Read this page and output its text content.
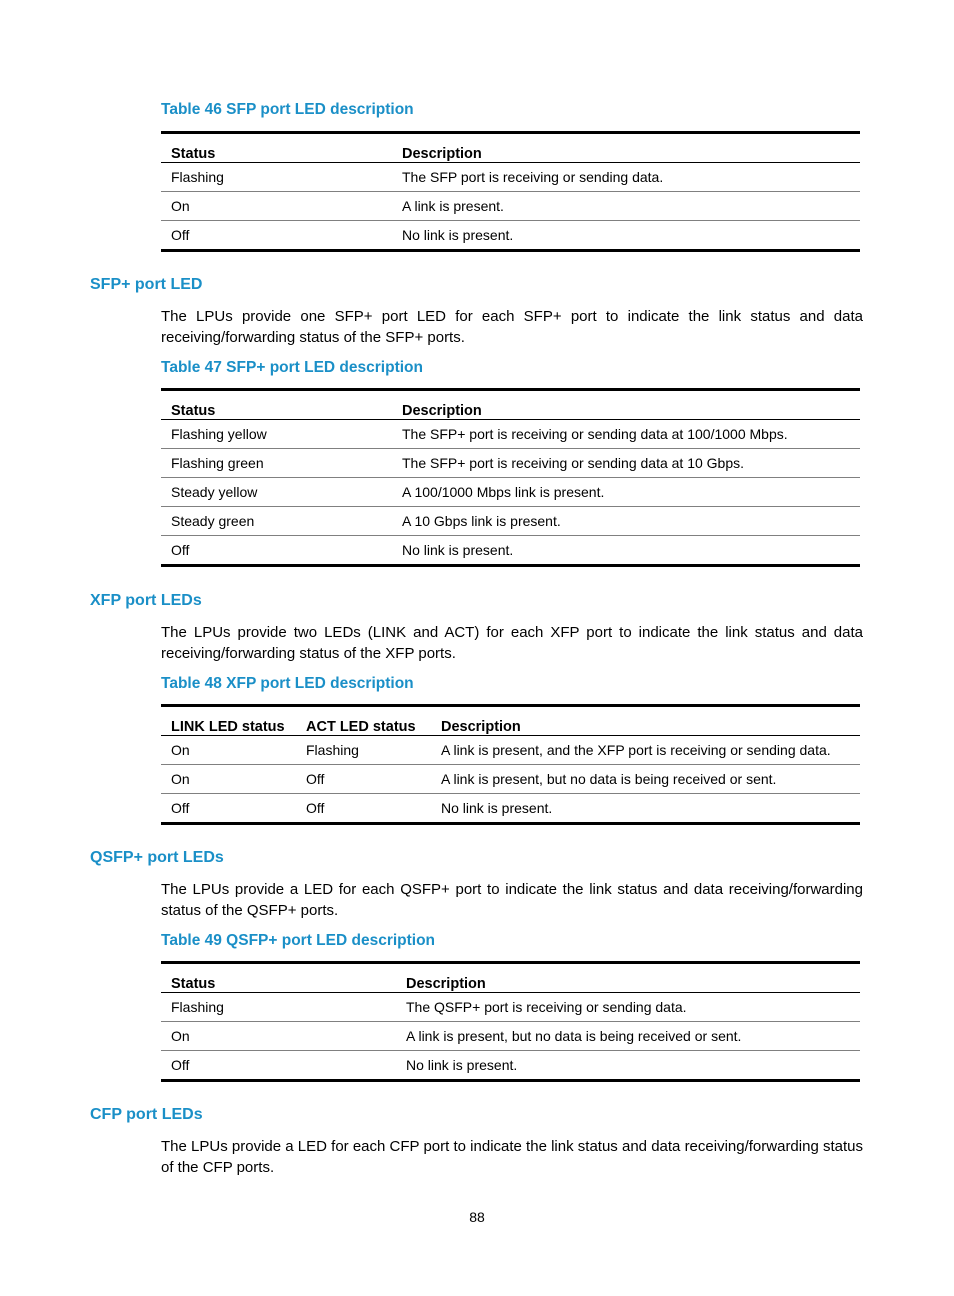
Table 46 SFP port LED description

Status	Description
Flashing	The SFP port is receiving or sending data.
On	A link is present.
Off	No link is present.
SFP+ port LED

The LPUs provide one SFP+ port LED for each SFP+ port to indicate the link status and data receiving/forwarding status of the SFP+ ports.

Table 47 SFP+ port LED description

Status	Description
Flashing yellow	The SFP+ port is receiving or sending data at 100/1000 Mbps.
Flashing green	The SFP+ port is receiving or sending data at 10 Gbps.
Steady yellow	A 100/1000 Mbps link is present.
Steady green	A 10 Gbps link is present.
Off	No link is present.
XFP port LEDs

The LPUs provide two LEDs (LINK and ACT) for each XFP port to indicate the link status and data receiving/forwarding status of the XFP ports.

Table 48 XFP port LED description

LINK LED status	ACT LED status	Description
On	Flashing	A link is present, and the XFP port is receiving or sending data.
On	Off	A link is present, but no data is being received or sent.
Off	Off	No link is present.
QSFP+ port LEDs

The LPUs provide a LED for each QSFP+ port to indicate the link status and data receiving/forwarding status of the QSFP+ ports.

Table 49 QSFP+ port LED description

Status	Description
Flashing	The QSFP+ port is receiving or sending data.
On	A link is present, but no data is being received or sent.
Off	No link is present.
CFP port LEDs

The LPUs provide a LED for each CFP port to indicate the link status and data receiving/forwarding status of the CFP ports.

88
